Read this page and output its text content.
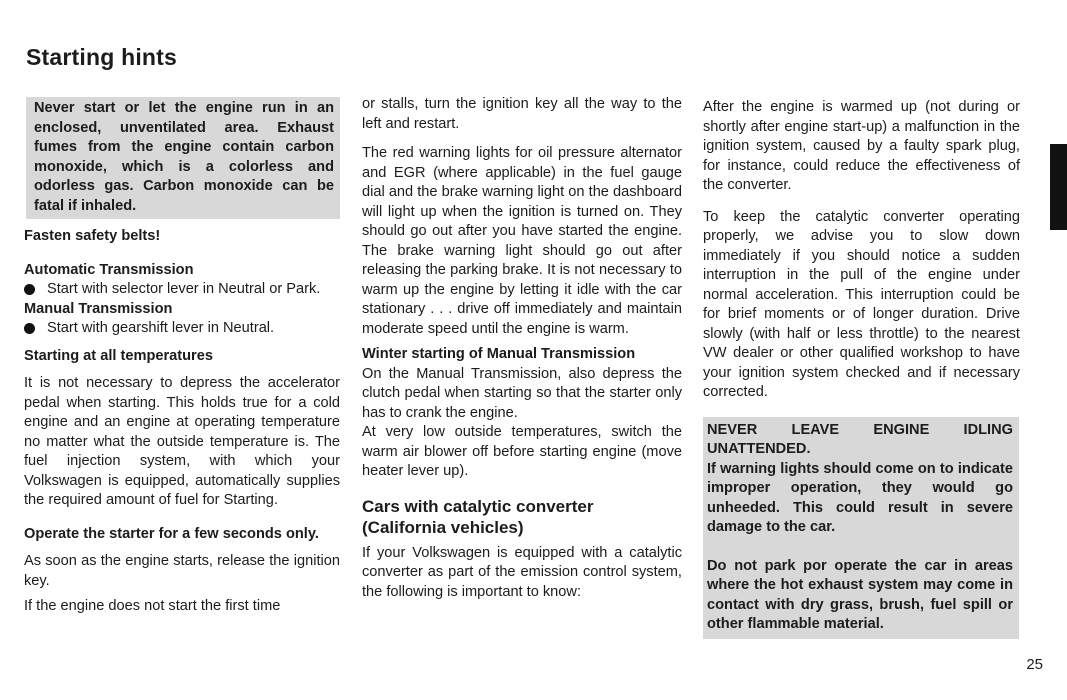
Starting hints

Never start or let the engine run in an enclosed, unventilated area. Exhaust fumes from the engine contain carbon monoxide, which is a colorless and odorless gas. Carbon monoxide can be fatal if inhaled.

Fasten safety belts!
Automatic Transmission
Start with selector lever in Neutral or Park.
Manual Transmission
Start with gearshift lever in Neutral.
Starting at all temperatures

It is not necessary to depress the accelerator pedal when starting. This holds true for a cold engine and an engine at operating temperature no matter what the outside temperature is. The fuel injection system, with which your Volkswagen is equipped, automatically supplies the required amount of fuel for Starting.

Operate the starter for a few seconds only.

As soon as the engine starts, release the ignition key.

If the engine does not start the first time

or stalls, turn the ignition key all the way to the left and restart.

The red warning lights for oil pressure alternator and EGR (where applicable) in the fuel gauge dial and the brake warning light on the dashboard will light up when the ignition is turned on. They should go out after you have started the engine. The brake warning light should go out after releasing the parking brake. It is not necessary to warm up the engine by letting it idle with the car stationary . . . drive off immediately and maintain moderate speed until the engine is warm.

Winter starting of Manual Transmission

On the Manual Transmission, also depress the clutch pedal when starting so that the starter only has to crank the engine.

At very low outside temperatures, switch the warm air blower off before starting engine (move heater lever up).

Cars with catalytic converter
(California vehicles)

If your Volkswagen is equipped with a catalytic converter as part of the emission control system, the following is important to know:

After the engine is warmed up (not during or shortly after engine start-up) a malfunction in the ignition system, caused by a faulty spark plug, for instance, could reduce the effectiveness of the converter.

To keep the catalytic converter operating properly, we advise you to slow down immediately if you should notice a sudden interruption in the pull of the engine under normal acceleration. This interruption could be for brief moments or of longer duration. Drive slowly (with half or less throttle) to the nearest VW dealer or other qualified workshop to have your ignition system checked and if necessary corrected.

NEVER LEAVE ENGINE IDLING UNATTENDED.

If warning lights should come on to indicate improper operation, they would go unheeded. This could result in severe damage to the car.

Do not park por operate the car in areas where the hot exhaust system may come in contact with dry grass, brush, fuel spill or other flammable material.

25
